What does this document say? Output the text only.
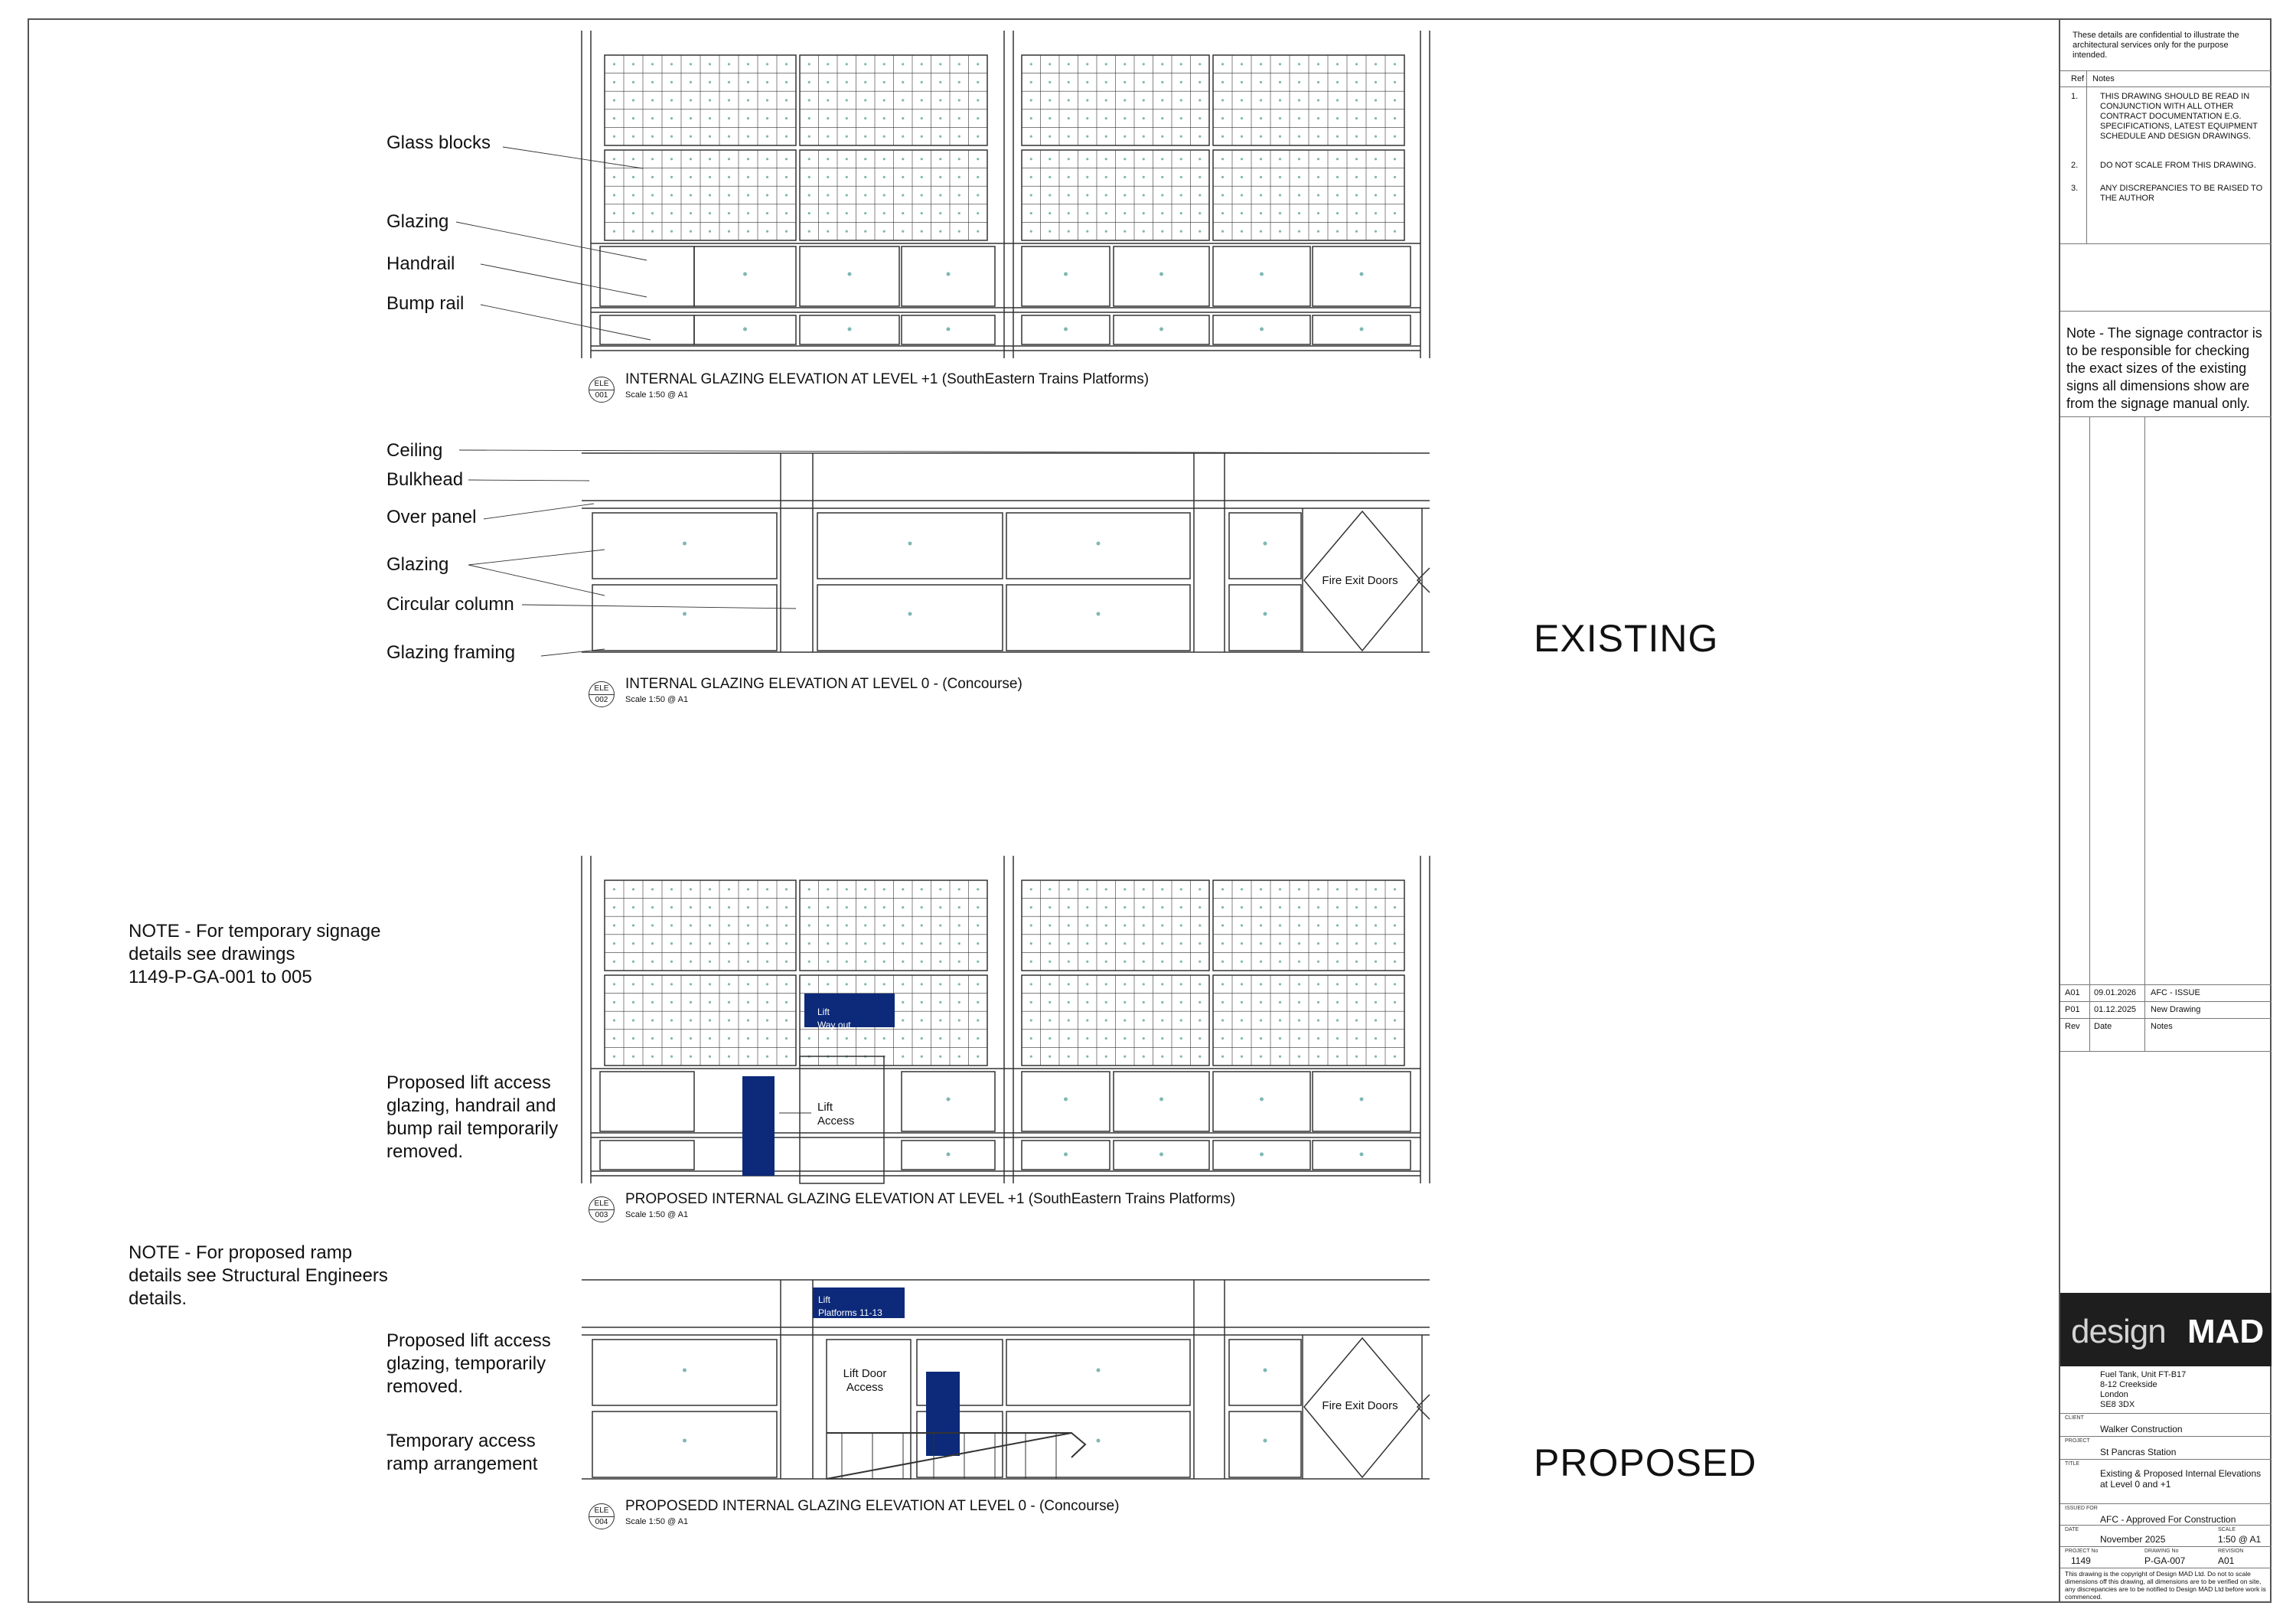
Glass blocks
Glazing
Handrail
Bump rail
Ceiling
Bulkhead
Over panel
Glazing
Circular column
Glazing framing
NOTE - For temporary signage
details see drawings
1149-P-GA-001 to 005
Proposed lift access
glazing, handrail and
bump rail temporarily
removed.
NOTE - For proposed ramp
details see Structural Engineers
details.
Proposed lift access
glazing, temporarily
removed.
Temporary access
ramp arrangement
ELE
001
INTERNAL GLAZING ELEVATION AT LEVEL +1 (SouthEastern Trains Platforms)
Scale 1:50 @ A1
ELE
002
INTERNAL GLAZING ELEVATION AT LEVEL 0 - (Concourse)
Scale 1:50 @ A1
ELE
003
PROPOSED INTERNAL GLAZING ELEVATION AT LEVEL +1 (SouthEastern Trains Platforms)
Scale 1:50 @ A1
ELE
004
PROPOSEDD INTERNAL GLAZING ELEVATION AT LEVEL 0 - (Concourse)
Scale 1:50 @ A1
EXISTING
PROPOSED
Fire Exit Doors
Fire Exit Doors
Lift
Access
Lift Door
Access
Lift
Way out
Lift
Platforms 11-13
These details are confidential to illustrate the architectural services only for the purpose intended.
Ref Notes
1.	THIS DRAWING SHOULD BE READ IN CONJUNCTION WITH ALL OTHER CONTRACT DOCUMENTATION E.G. SPECIFICATIONS, LATEST EQUIPMENT SCHEDULE AND DESIGN DRAWINGS.
2.	DO NOT SCALE FROM THIS DRAWING.
3.	ANY DISCREPANCIES TO BE RAISED TO THE AUTHOR
Note - The signage contractor is to be responsible for checking the exact sizes of the existing signs all dimensions show are from the signage manual only.
A01 09.01.2026 AFC - ISSUE
P01 01.12.2025 New Drawing
Rev Date	Notes
design MAD
Fuel Tank, Unit FT-B17
8-12 Creekside
London
SE8 3DX
CLIENT
Walker Construction
PROJECT
St Pancras Station
TITLE
Existing & Proposed Internal Elevations
at Level 0 and +1
ISSUED FOR
AFC - Approved For Construction
DATE
November 2025
SCALE
1:50 @ A1
PROJECT No
1149
DRAWING No
P-GA-007
REVISION
A01
This drawing is the copyright of Design MAD Ltd. Do not to scale dimensions off this drawing, all dimensions are to be verified on site, any discrepancies are to be notified to Design MAD Ltd before work is commenced.
